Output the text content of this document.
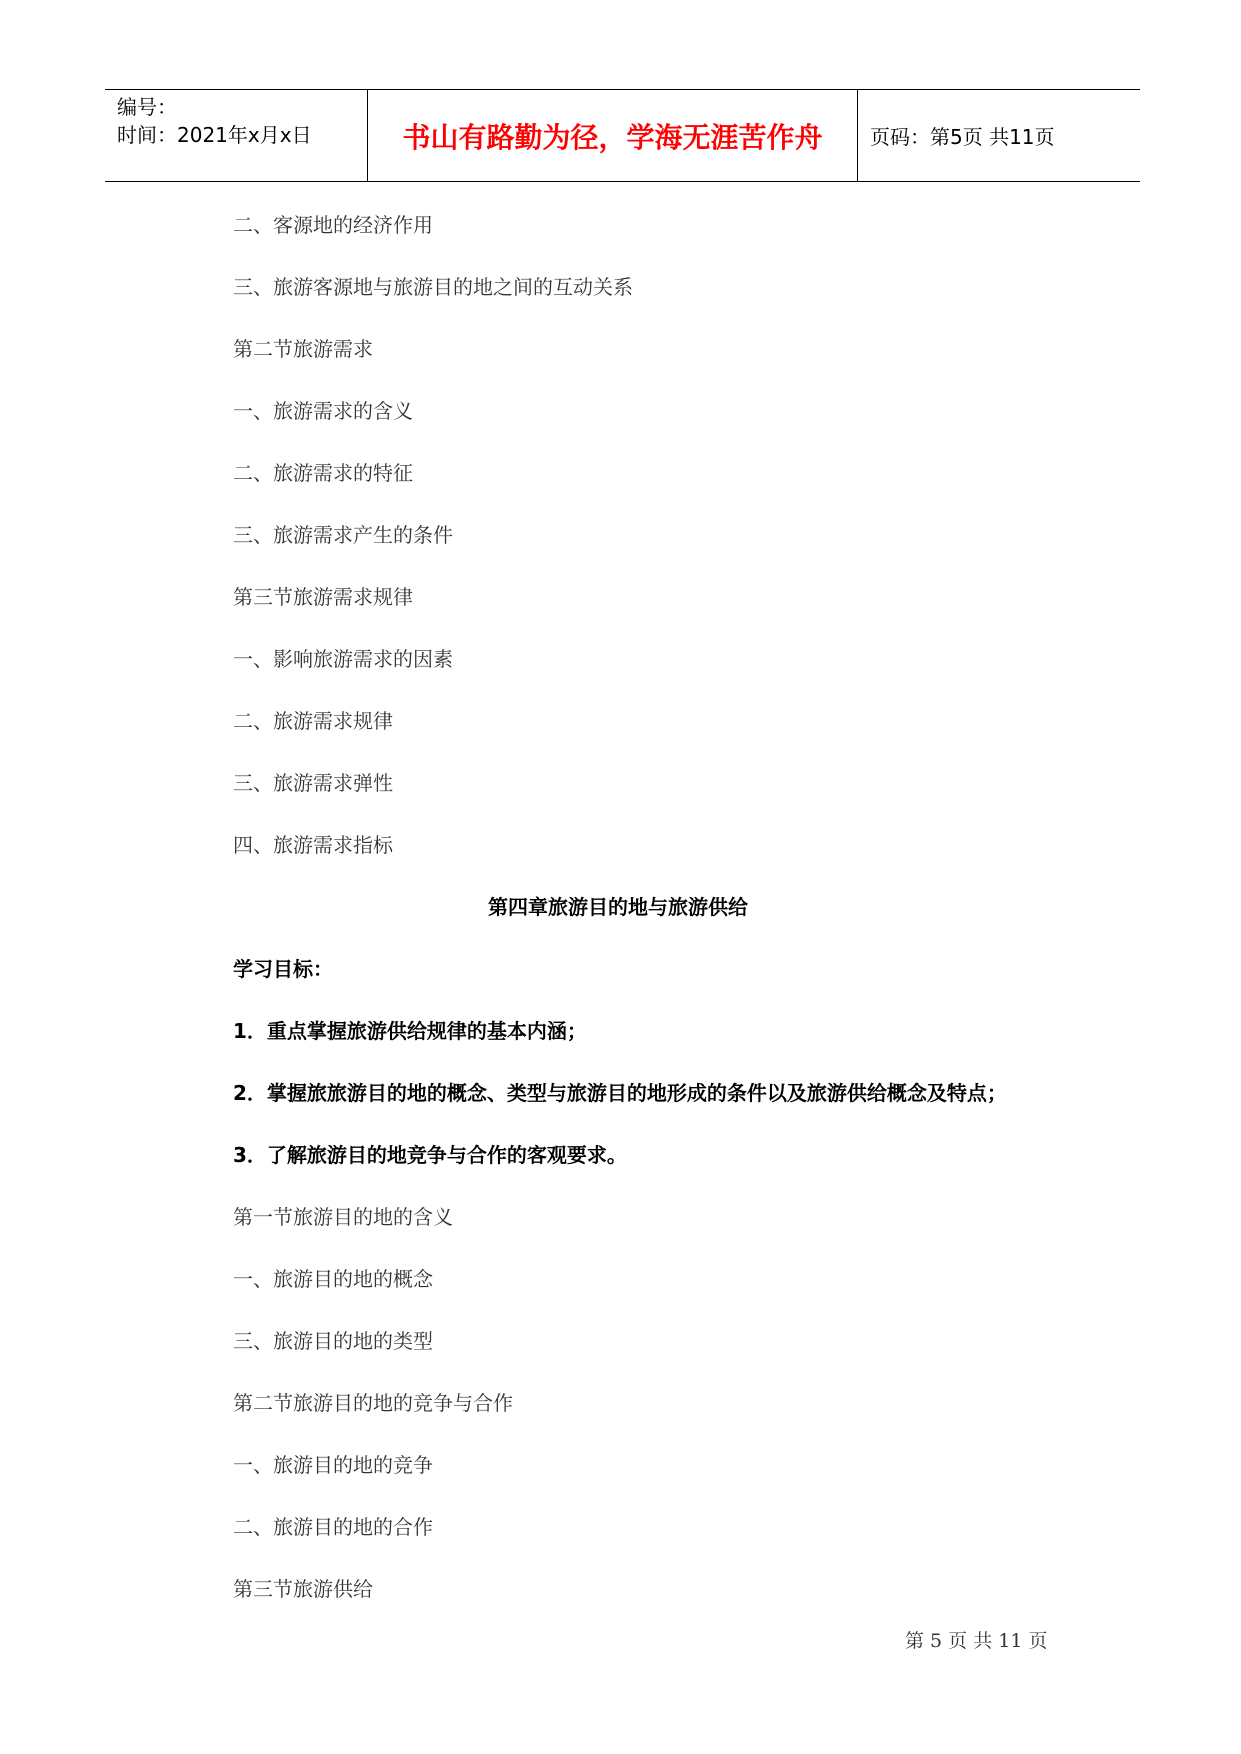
编号：
时间：2021年x月x日	书山有路勤为径，学海无涯苦作舟	页码：第5页 共11页
二、客源地的经济作用
三、旅游客源地与旅游目的地之间的互动关系
第二节旅游需求
一、旅游需求的含义
二、旅游需求的特征
三、旅游需求产生的条件
第三节旅游需求规律
一、影响旅游需求的因素
二、旅游需求规律
三、旅游需求弹性
四、旅游需求指标
第四章旅游目的地与旅游供给
学习目标：
1．重点掌握旅游供给规律的基本内涵；
2．掌握旅旅游目的地的概念、类型与旅游目的地形成的条件以及旅游供给概念及特点；
3．了解旅游目的地竞争与合作的客观要求。
第一节旅游目的地的含义
一、旅游目的地的概念
三、旅游目的地的类型
第二节旅游目的地的竞争与合作
一、旅游目的地的竞争
二、旅游目的地的合作
第三节旅游供给
第 5 页 共 11 页
